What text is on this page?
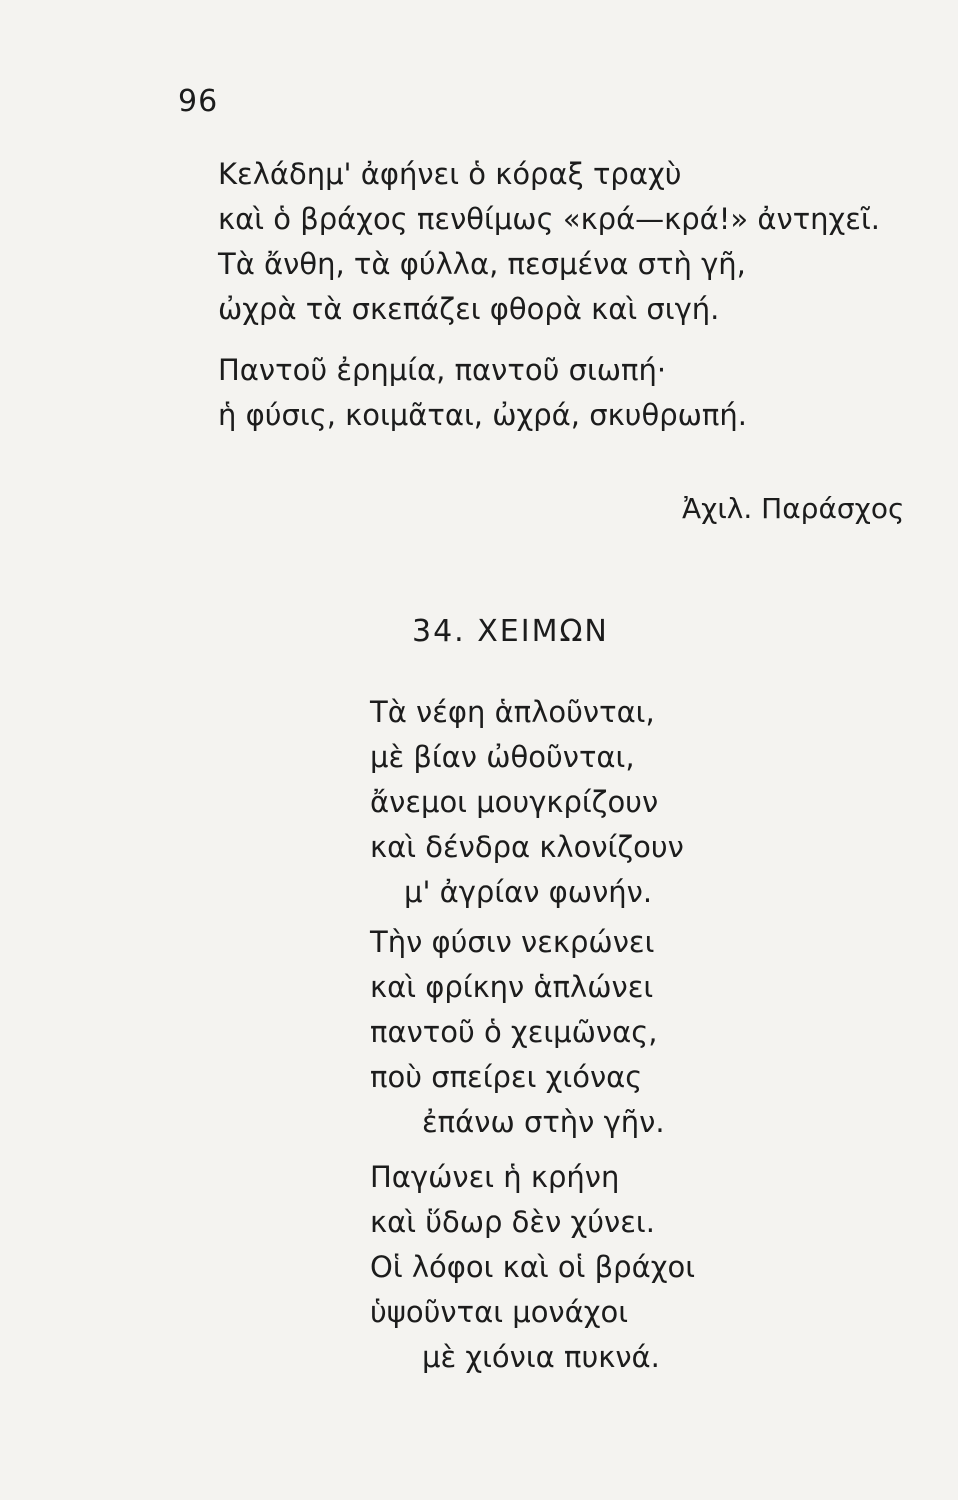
96
Κελάδημ' ἀφήνει ὁ κόραξ τραχὺ
καὶ ὁ βράχος πενθίμως «κρά—κρά!» ἀντηχεῖ.
Τὰ ἄνθη, τὰ φύλλα, πεσμένα στὴ γῆ,
ὠχρὰ τὰ σκεπάζει φθορὰ καὶ σιγή.
Παντοῦ ἐρημία, παντοῦ σιωπή·
ἡ φύσις, κοιμᾶται, ὠχρά, σκυθρωπή.
Ἀχιλ. Παράσχος
34. ΧΕΙΜΩΝ
Τὰ νέφη ἁπλοῦνται,
μὲ βίαν ὠθοῦνται,
ἄνεμοι μουγκρίζουν
καὶ δένδρα κλονίζουν
μ' ἀγρίαν φωνήν.
Τὴν φύσιν νεκρώνει
καὶ φρίκην ἁπλώνει
παντοῦ ὁ χειμῶνας,
ποὺ σπείρει χιόνας
ἐπάνω στὴν γῆν.
Παγώνει ἡ κρήνη
καὶ ὕδωρ δὲν χύνει.
Οἱ λόφοι καὶ οἱ βράχοι
ὑψοῦνται μονάχοι
μὲ χιόνια πυκνά.
